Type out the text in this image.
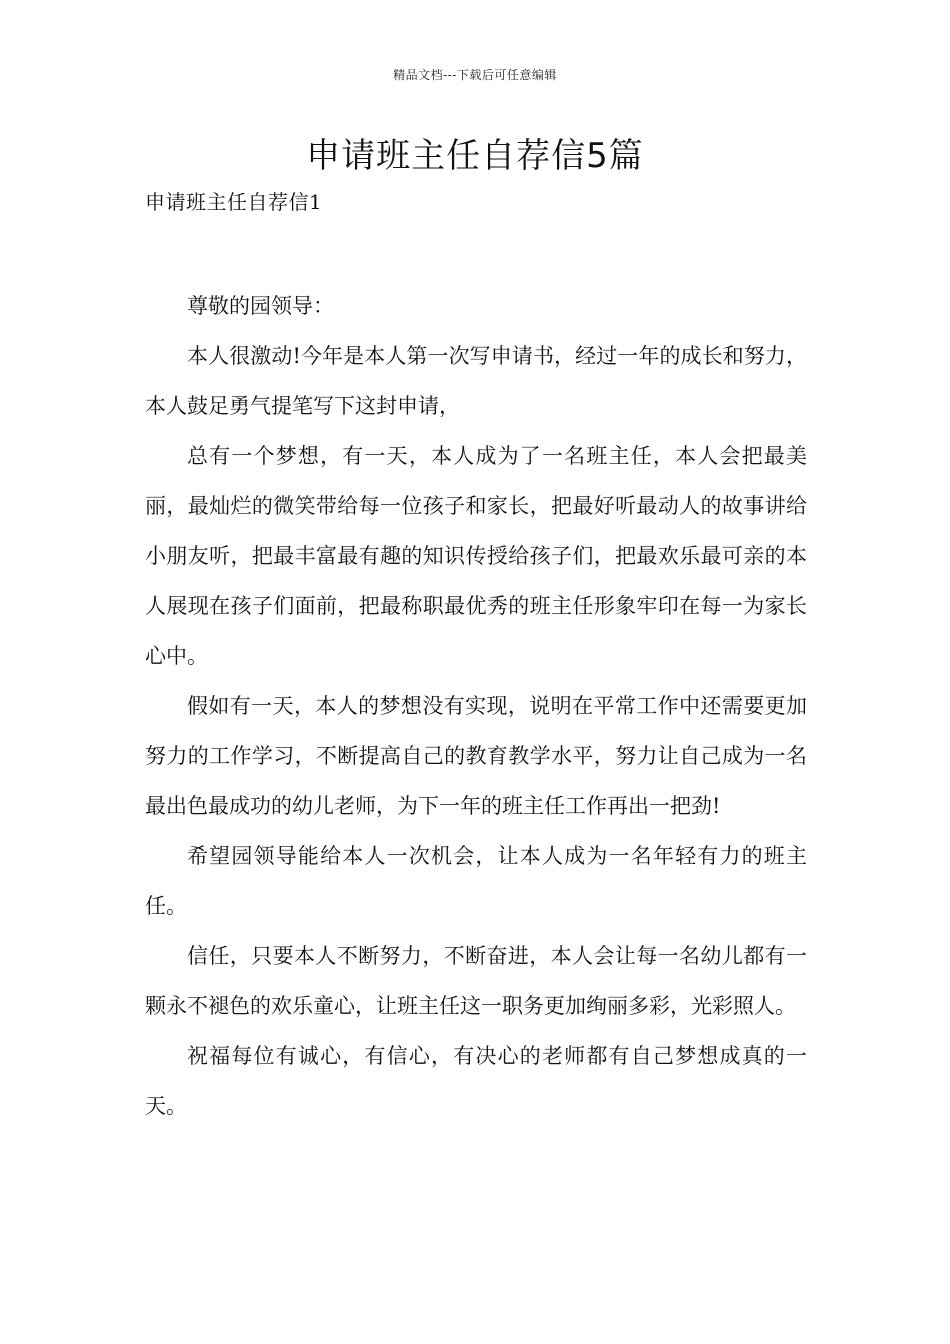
精品文档---下载后可任意编辑
申请班主任自荐信5篇
申请班主任自荐信1

尊敬的园领导：

本人很激动!今年是本人第一次写申请书，经过一年的成长和努力，本人鼓足勇气提笔写下这封申请，

总有一个梦想，有一天，本人成为了一名班主任，本人会把最美丽，最灿烂的微笑带给每一位孩子和家长，把最好听最动人的故事讲给小朋友听，把最丰富最有趣的知识传授给孩子们，把最欢乐最可亲的本人展现在孩子们面前，把最称职最优秀的班主任形象牢印在每一为家长心中。

假如有一天，本人的梦想没有实现，说明在平常工作中还需要更加努力的工作学习，不断提高自己的教育教学水平，努力让自己成为一名最出色最成功的幼儿老师，为下一年的班主任工作再出一把劲!

希望园领导能给本人一次机会，让本人成为一名年轻有力的班主任。

信任，只要本人不断努力，不断奋进，本人会让每一名幼儿都有一颗永不褪色的欢乐童心，让班主任这一职务更加绚丽多彩，光彩照人。

祝福每位有诚心，有信心，有决心的老师都有自己梦想成真的一天。
